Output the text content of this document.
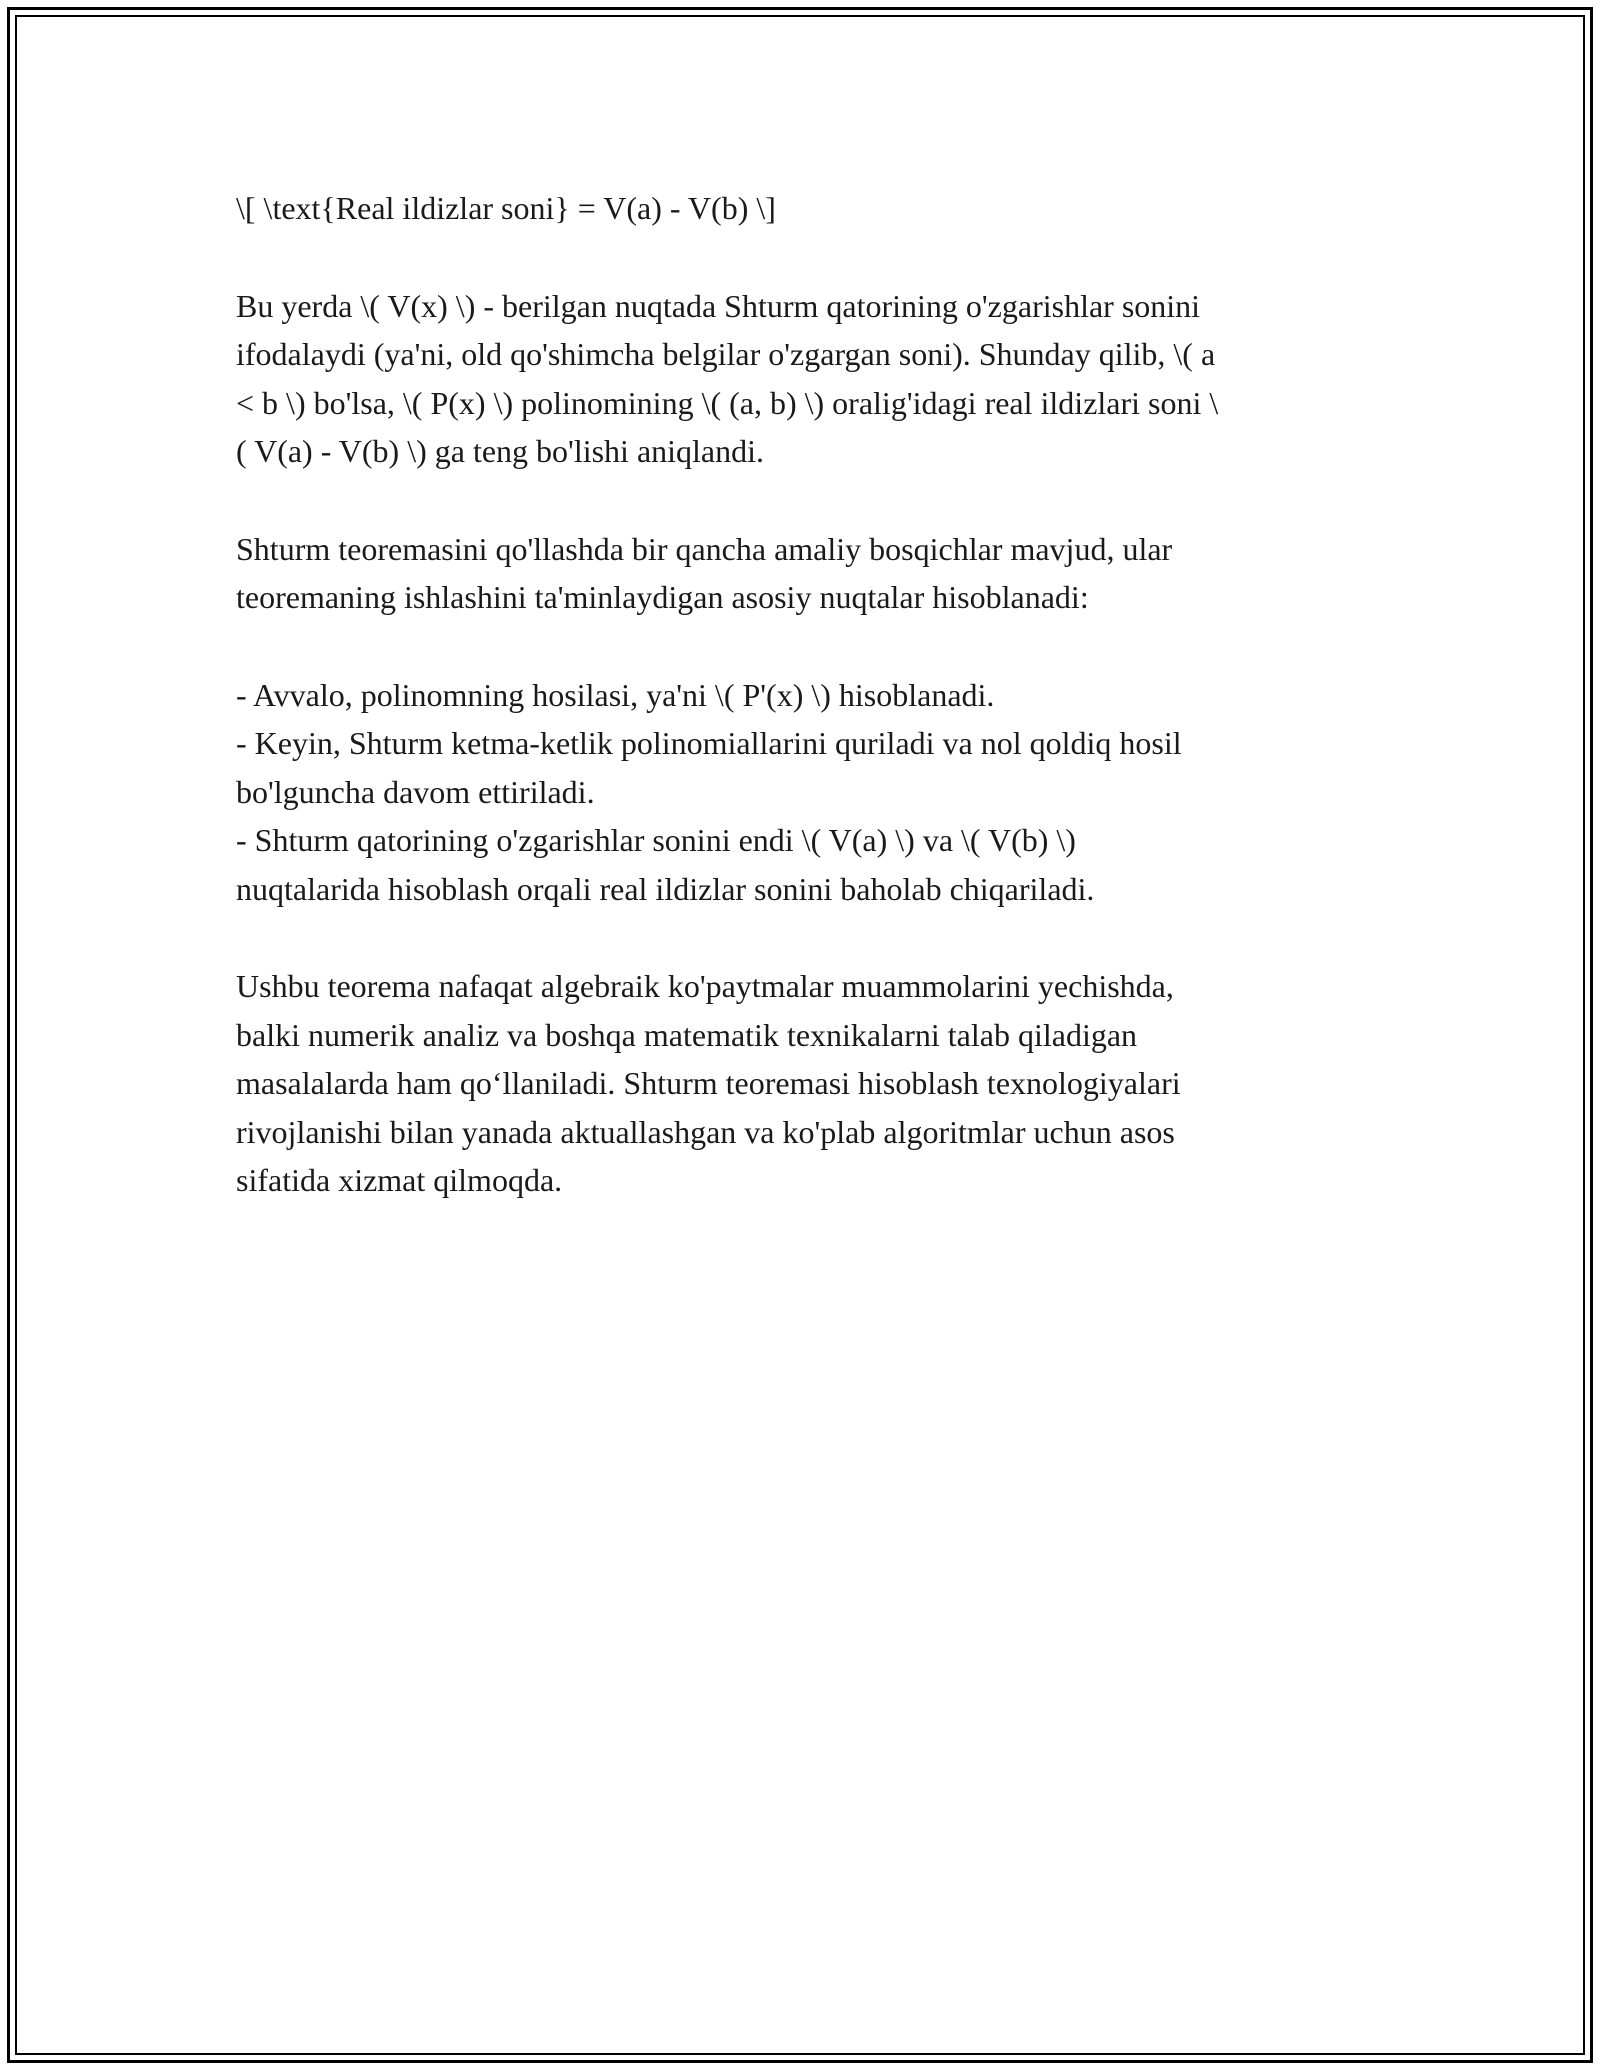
\[ \text{Real ildizlar soni} = V(a) - V(b) \]

Bu yerda \( V(x) \) - berilgan nuqtada Shturm qatorining o'zgarishlar sonini
ifodalaydi (ya'ni, old qo'shimcha belgilar o'zgargan soni). Shunday qilib, \( a
< b \) bo'lsa, \( P(x) \) polinomining \( (a, b) \) oralig'idagi real ildizlari soni \
( V(a) - V(b) \) ga teng bo'lishi aniqlandi.

Shturm teoremasini qo'llashda bir qancha amaliy bosqichlar mavjud, ular
teoremaning ishlashini ta'minlaydigan asosiy nuqtalar hisoblanadi:

- Avvalo, polinomning hosilasi, ya'ni \( P'(x) \) hisoblanadi.
- Keyin, Shturm ketma-ketlik polinomiallarini quriladi va nol qoldiq hosil
bo'lguncha davom ettiriladi.
- Shturm qatorining o'zgarishlar sonini endi \( V(a) \) va \( V(b) \)
nuqtalarida hisoblash orqali real ildizlar sonini baholab chiqariladi.

Ushbu teorema nafaqat algebraik ko'paytmalar muammolarini yechishda,
balki numerik analiz va boshqa matematik texnikalarni talab qiladigan
masalalarda ham qo‘llaniladi. Shturm teoremasi hisoblash texnologiyalari
rivojlanishi bilan yanada aktuallashgan va ko'plab algoritmlar uchun asos
sifatida xizmat qilmoqda.
